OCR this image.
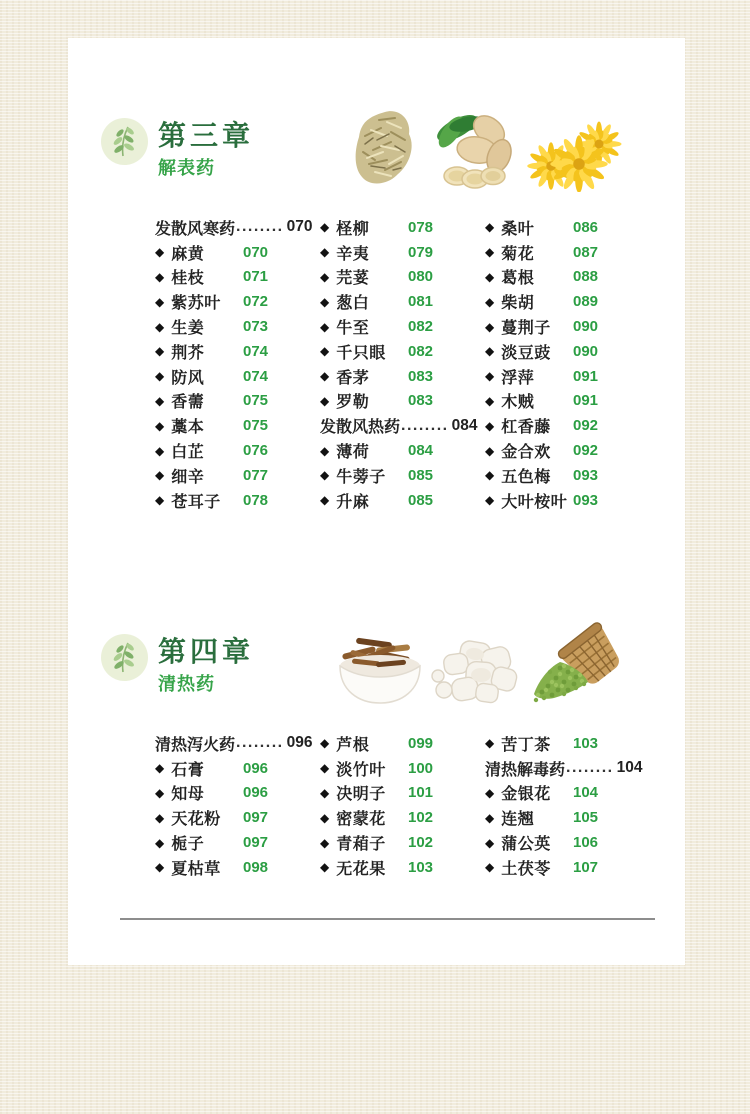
第三章
解表药
发散风寒药 ........ 070
◆ 麻黄	070
◆ 桂枝	071
◆ 紫苏叶 072
◆ 生姜	073
◆ 荆芥	074
◆ 防风	074
◆ 香薷	075
◆ 藁本	075
◆ 白芷	076
◆ 细辛	077
◆ 苍耳子 078
◆ 柽柳	078
◆ 辛夷	079
◆ 芫荽	080
◆ 葱白	081
◆ 牛至	082
◆ 千只眼 082
◆ 香茅	083
◆ 罗勒	083
发散风热药 ........ 084
◆ 薄荷	084
◆ 牛蒡子 085
◆ 升麻	085
◆ 桑叶	086
◆ 菊花	087
◆ 葛根	088
◆ 柴胡	089
◆ 蔓荆子 090
◆ 淡豆豉 090
◆ 浮萍	091
◆ 木贼	091
◆ 杠香藤 092
◆ 金合欢 092
◆ 五色梅 093
◆ 大叶桉叶 093
第四章
清热药
清热泻火药 ........ 096
◆ 石膏	096
◆ 知母	096
◆ 天花粉 097
◆ 栀子	097
◆ 夏枯草 098
◆ 芦根	099
◆ 淡竹叶 100
◆ 决明子 101
◆ 密蒙花 102
◆ 青葙子 102
◆ 无花果 103
◆ 苦丁茶 103
清热解毒药 ........ 104
◆ 金银花 104
◆ 连翘	105
◆ 蒲公英 106
◆ 土茯苓 107
